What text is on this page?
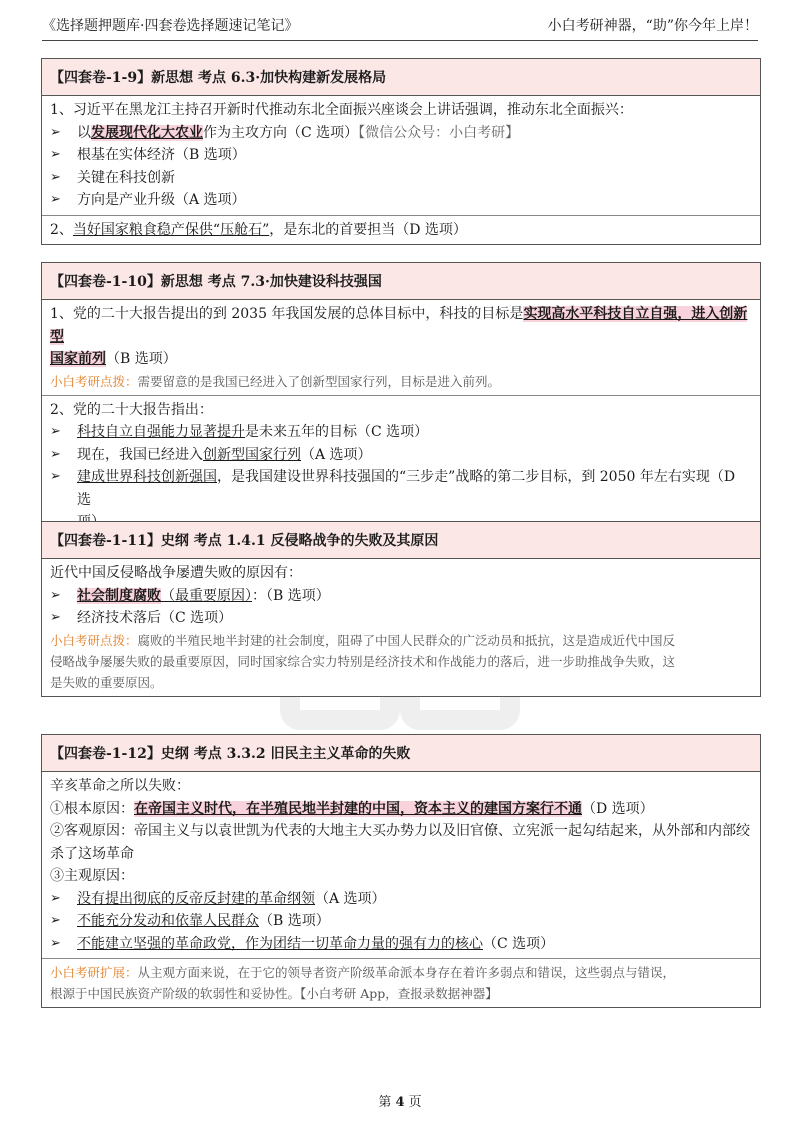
《选择题押题库·四套卷选择题速记笔记》	小白考研神器，“助”你今年上岸！
【四套卷-1-9】新思想 考点 6.3·加快构建新发展格局
1、习近平在黑龙江主持召开新时代推动东北全面振兴座谈会上讲话强调，推动东北全面振兴：
➢	以发展现代化大农业作为主攻方向（C 选项）【微信公众号：小白考研】
➢	根基在实体经济（B 选项）
➢	关键在科技创新
➢	方向是产业升级（A 选项）
2、当好国家粮食稳产保供“压舱石”，是东北的首要担当（D 选项）
【四套卷-1-10】新思想 考点 7.3·加快建设科技强国
1、党的二十大报告提出的到 2035 年我国发展的总体目标中，科技的目标是实现高水平科技自立自强，进入创新型
国家前列（B 选项）
小白考研点拨：需要留意的是我国已经进入了创新型国家行列，目标是进入前列。
2、党的二十大报告指出：
➢	科技自立自强能力显著提升是未来五年的目标（C 选项）
➢	现在，我国已经进入创新型国家行列（A 选项）
➢	建成世界科技创新强国，是我国建设世界科技强国的“三步走”战略的第二步目标，到 2050 年左右实现（D 选
【四套卷-1-11】史纲 考点 1.4.1 反侵略战争的失败及其原因
近代中国反侵略战争屡遭失败的原因有：
➢	社会制度腐败（最重要原因）：（B 选项）
➢	经济技术落后（C 选项）
小白考研点拨：腐败的半殖民地半封建的社会制度，阻碍了中国人民群众的广泛动员和抵抗，这是造成近代中国反
侵略战争屡屡失败的最重要原因，同时国家综合实力特别是经济技术和作战能力的落后，进一步助推战争失败，这
是失败的重要原因。
【四套卷-1-12】史纲 考点 3.3.2 旧民主主义革命的失败
辛亥革命之所以失败：
①根本原因：在帝国主义时代，在半殖民地半封建的中国，资本主义的建国方案行不通（D 选项）
②客观原因：帝国主义与以袁世凯为代表的大地主大买办势力以及旧官僚、立宪派一起勾结起来，从外部和内部绞
杀了这场革命
③主观原因：
➢	没有提出彻底的反帝反封建的革命纲领（A 选项）
➢	不能充分发动和依靠人民群众（B 选项）
➢	不能建立坚强的革命政党，作为团结一切革命力量的强有力的核心（C 选项）
小白考研扩展：从主观方面来说，在于它的领导者资产阶级革命派本身存在着许多弱点和错误，这些弱点与错误，
根源于中国民族资产阶级的软弱性和妥协性。【小白考研 App，查报录数据神器】
第 4 页
